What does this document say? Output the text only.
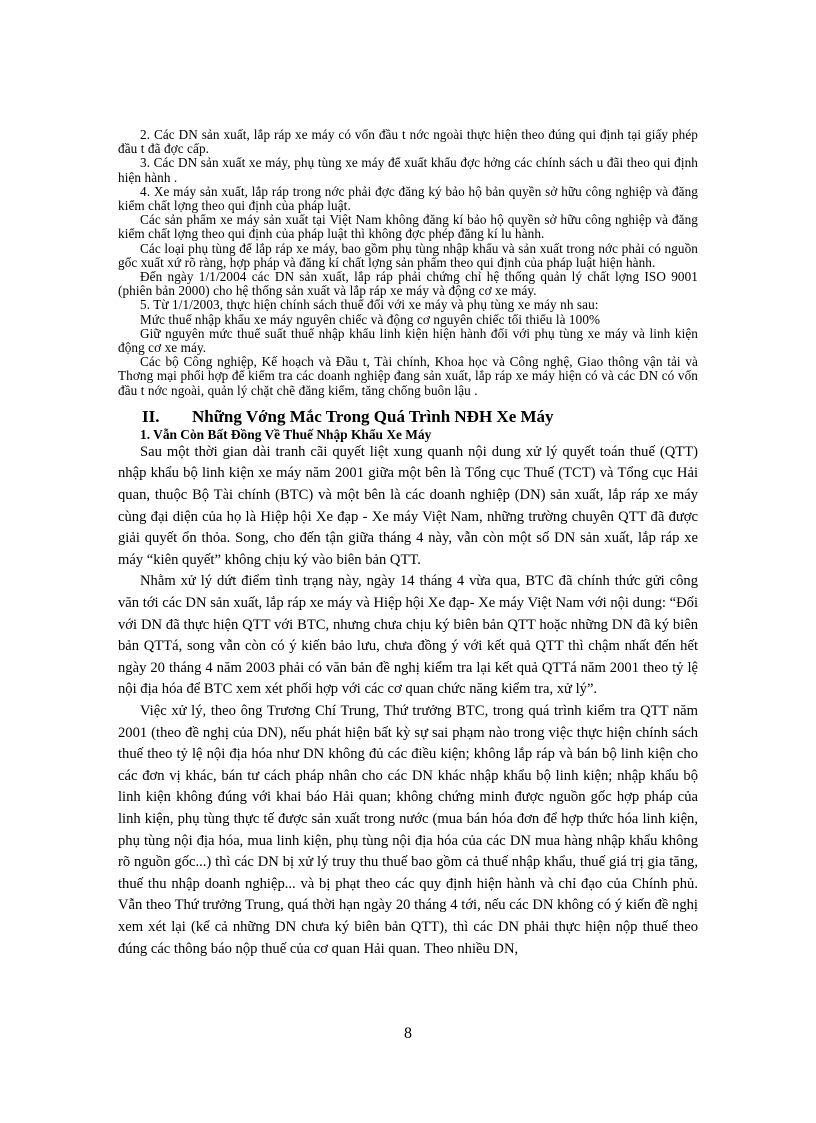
2. Các DN sản xuất, lắp ráp xe máy có vốn đầu t nớc ngoài thực hiện theo đúng qui định tại giấy phép đầu t đã đợc cấp.

3. Các DN sản xuất xe máy, phụ tùng xe máy để xuất khẩu đợc hởng các chính sách u đãi theo qui định hiện hành .

4. Xe máy sản xuất, lắp ráp trong nớc phải đợc đăng ký bảo hộ bản quyền sở hữu công nghiệp và đăng kiểm chất lợng theo qui định của pháp luật.

Các sản phẩm xe máy sản xuất tại Việt Nam không đăng kí bảo hộ quyền sở hữu công nghiệp và đăng kiểm chất lợng theo qui định của pháp luật thì không đợc phép đăng kí lu hành.

Các loại phụ tùng để lắp ráp xe máy, bao gồm phụ tùng nhập khẩu và sản xuất trong nớc phải có nguồn gốc xuất xứ rõ ràng, hợp pháp và đăng kí chất lợng sản phẩm theo qui định của pháp luật hiện hành.

Đến ngày 1/1/2004 các DN sản xuất, lắp ráp phải chứng chỉ hệ thống quản lý chất lợng ISO 9001 (phiên bản 2000) cho hệ thống sản xuất và lắp ráp xe máy và động cơ xe máy.

5. Từ 1/1/2003, thực hiện chính sách thuế đối với xe máy và phụ tùng xe máy nh sau:

Mức thuế nhập khẩu xe máy nguyên chiếc và động cơ nguyên chiếc tối thiểu là 100%

Giữ nguyên mức thuế suất thuế nhập khẩu linh kiện hiện hành đối với phụ tùng xe máy và linh kiện động cơ xe máy.

Các bộ Công nghiệp, Kế hoạch và Đầu t, Tài chính, Khoa học và Công nghệ, Giao thông vận tải và Thơng mại phối hợp để kiểm tra các doanh nghiệp đang sản xuất, lắp ráp xe máy hiện có và các DN có vốn đầu t nớc ngoài, quản lý chặt chẽ đăng kiểm, tăng chống buôn lậu .

II.	Những Vớng Mắc Trong Quá Trình NĐH Xe Máy
1. Vẫn Còn Bất Đồng Về Thuế Nhập Khẩu Xe Máy

Sau một thời gian dài tranh cãi quyết liệt xung quanh nội dung xử lý quyết toán thuế (QTT) nhập khẩu bộ linh kiện xe máy năm 2001 giữa một bên là Tổng cục Thuế (TCT) và Tổng cục Hải quan, thuộc Bộ Tài chính (BTC) và một bên là các doanh nghiệp (DN) sản xuất, lắp ráp xe máy cùng đại diện của họ là Hiệp hội Xe đạp - Xe máy Việt Nam, những trường chuyên QTT đã được giải quyết ổn thỏa. Song, cho đến tận giữa tháng 4 này, vẫn còn một số DN sản xuất, lắp ráp xe máy “kiên quyết” không chịu ký vào biên bản QTT.

Nhằm xử lý dứt điểm tình trạng này, ngày 14 tháng 4 vừa qua, BTC đã chính thức gửi công văn tới các DN sản xuất, lắp ráp xe máy và Hiệp hội Xe đạp- Xe máy Việt Nam với nội dung: “Đối với DN đã thực hiện QTT với BTC, nhưng chưa chịu ký biên bản QTT hoặc những DN đã ký biên bản QTTá, song vẫn còn có ý kiến bảo lưu, chưa đồng ý với kết quả QTT thì chậm nhất đến hết ngày 20 tháng 4 năm 2003 phải có văn bản đề nghị kiểm tra lại kết quả QTTá năm 2001 theo tỷ lệ nội địa hóa để BTC xem xét phối hợp với các cơ quan chức năng kiểm tra, xử lý”.

Việc xử lý, theo ông Trương Chí Trung, Thứ trưởng BTC, trong quá trình kiểm tra QTT năm 2001 (theo đề nghị của DN), nếu phát hiện bất kỳ sự sai phạm nào trong việc thực hiện chính sách thuế theo tỷ lệ nội địa hóa như DN không đủ các điều kiện; không lắp ráp và bán bộ linh kiện cho các đơn vị khác, bán tư cách pháp nhân cho các DN khác nhập khẩu bộ linh kiện; nhập khẩu bộ linh kiện không đúng với khai báo Hải quan; không chứng minh được nguồn gốc hợp pháp của linh kiện, phụ tùng thực tế được sản xuất trong nước (mua bán hóa đơn để hợp thức hóa linh kiện, phụ tùng nội địa hóa, mua linh kiện, phụ tùng nội địa hóa của các DN mua hàng nhập khẩu không rõ nguồn gốc...) thì các DN bị xử lý truy thu thuế bao gồm cả thuế nhập khẩu, thuế giá trị gia tăng, thuế thu nhập doanh nghiệp... và bị phạt theo các quy định hiện hành và chỉ đạo của Chính phủ. Vẫn theo Thứ trưởng Trung, quá thời hạn ngày 20 tháng 4 tới, nếu các DN không có ý kiến đề nghị xem xét lại (kể cả những DN chưa ký biên bản QTT), thì các DN phải thực hiện nộp thuế theo đúng các thông báo nộp thuế của cơ quan Hải quan. Theo nhiều DN,

8
